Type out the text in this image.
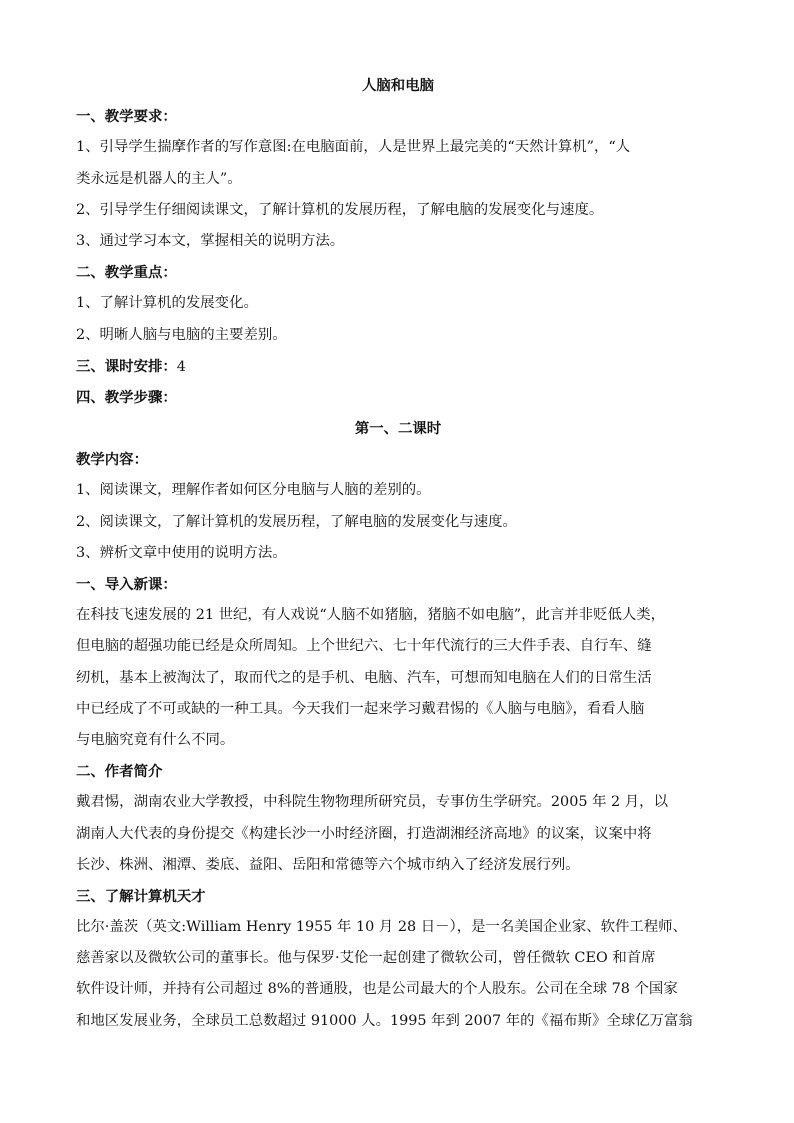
人脑和电脑
一、教学要求：
1、引导学生揣摩作者的写作意图:在电脑面前，人是世界上最完美的“天然计算机”，“人
类永远是机器人的主人”。
2、引导学生仔细阅读课文，了解计算机的发展历程，了解电脑的发展变化与速度。
3、通过学习本文，掌握相关的说明方法。
二、教学重点：
1、了解计算机的发展变化。
2、明晰人脑与电脑的主要差别。
三、课时安排：4
四、教学步骤：
第一、二课时
教学内容：
1、阅读课文，理解作者如何区分电脑与人脑的差别的。
2、阅读课文，了解计算机的发展历程，了解电脑的发展变化与速度。
3、辨析文章中使用的说明方法。
一、导入新课：
在科技飞速发展的 21 世纪，有人戏说“人脑不如猪脑，猪脑不如电脑”，此言并非贬低人类，
但电脑的超强功能已经是众所周知。上个世纪六、七十年代流行的三大件手表、自行车、缝
纫机，基本上被淘汰了，取而代之的是手机、电脑、汽车，可想而知电脑在人们的日常生活
中已经成了不可或缺的一种工具。今天我们一起来学习戴君惕的《人脑与电脑》，看看人脑
与电脑究竟有什么不同。
二、作者简介
戴君惕，湖南农业大学教授，中科院生物物理所研究员，专事仿生学研究。2005 年 2 月，以
湖南人大代表的身份提交《构建长沙一小时经济圈，打造湖湘经济高地》的议案，议案中将
长沙、株洲、湘潭、娄底、益阳、岳阳和常德等六个城市纳入了经济发展行列。
三、了解计算机天才
比尔·盖茨（英文:William Henry 1955 年 10 月 28 日－），是一名美国企业家、软件工程师、
慈善家以及微软公司的董事长。他与保罗·艾伦一起创建了微软公司，曾任微软 CEO 和首席
软件设计师，并持有公司超过 8%的普通股，也是公司最大的个人股东。公司在全球 78 个国家
和地区发展业务，全球员工总数超过 91000 人。1995 年到 2007 年的《福布斯》全球亿万富翁
